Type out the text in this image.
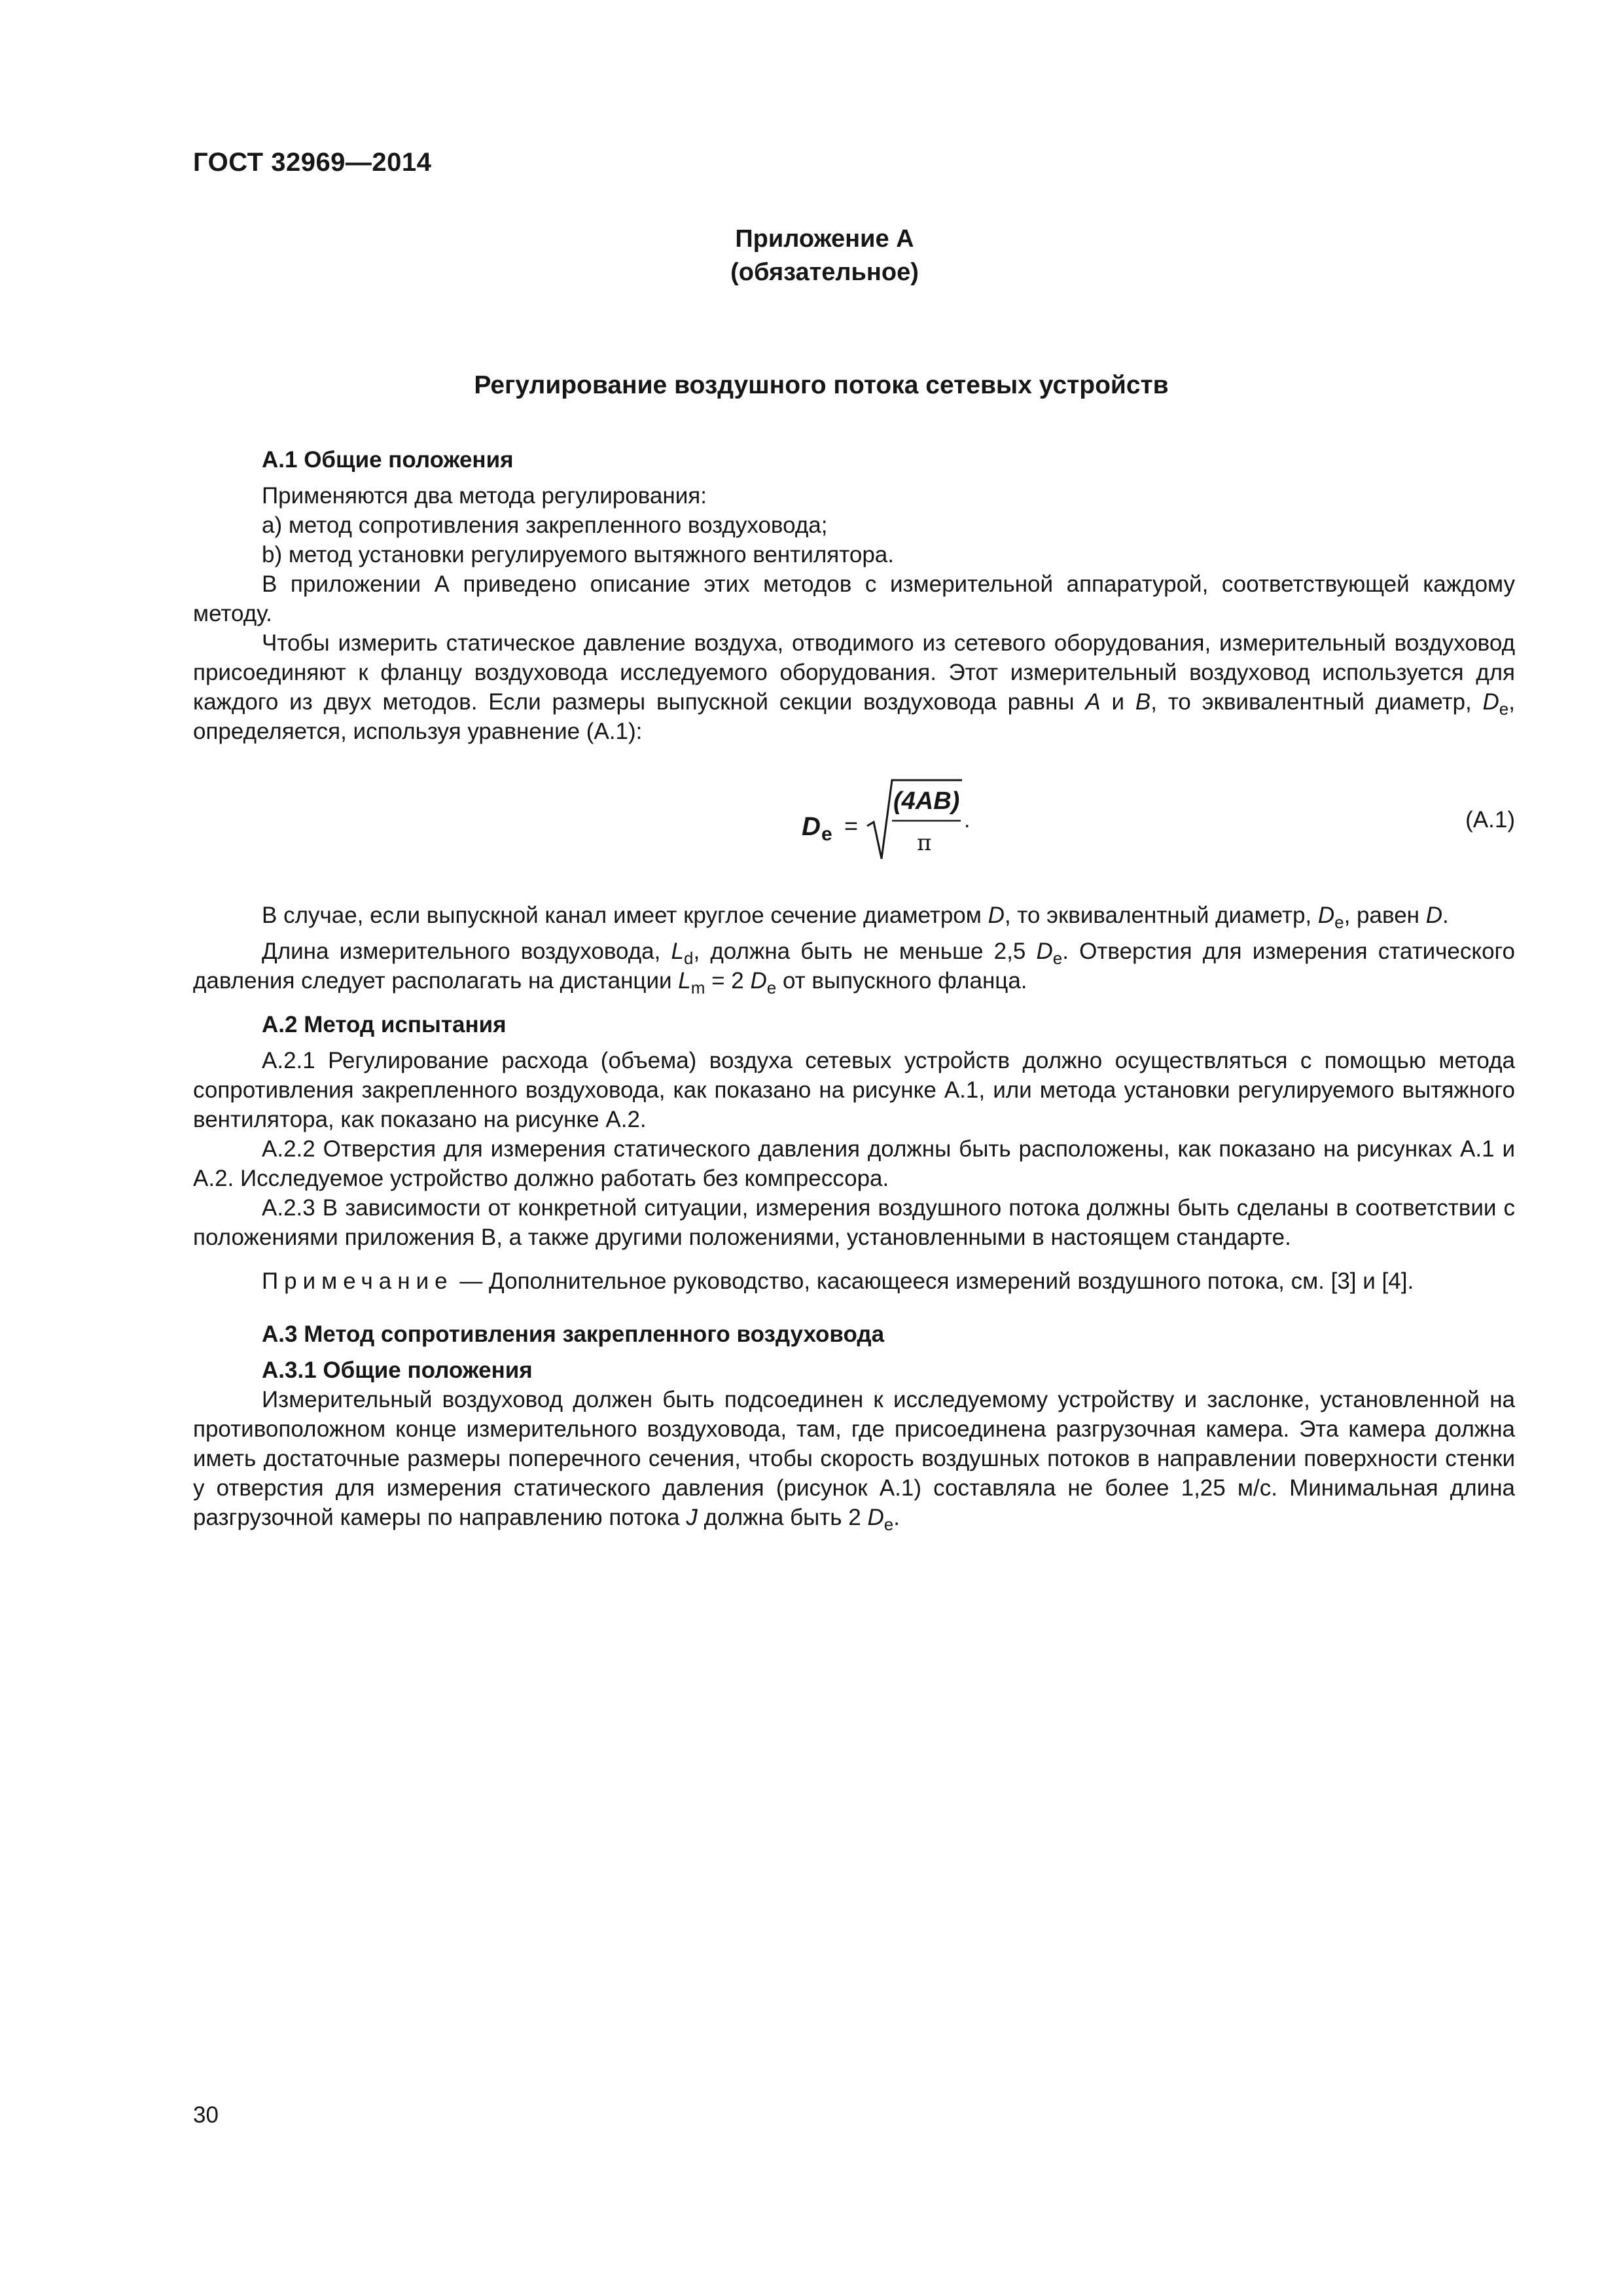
ГОСТ 32969—2014
Приложение А
(обязательное)
Регулирование воздушного потока сетевых устройств
А.1 Общие положения

Применяются два метода регулирования:

а) метод сопротивления закрепленного воздуховода;

b) метод установки регулируемого вытяжного вентилятора.

В приложении А приведено описание этих методов с измерительной аппаратурой, соответствующей каждому методу.

Чтобы измерить статическое давление воздуха, отводимого из сетевого оборудования, измерительный воздуховод присоединяют к фланцу воздуховода исследуемого оборудования. Этот измерительный воздуховод используется для каждого из двух методов. Если размеры выпускной секции воздуховода равны А и В, то эквивалентный диаметр, $D_e$, определяется, используя уравнение (А.1):

D e =
(4AB)
π
.	(А.1)

В случае, если выпускной канал имеет круглое сечение диаметром D, то эквивалентный диаметр, $D_e$, равен D.

Длина измерительного воздуховода, $L_d$, должна быть не меньше 2,5 $D_e$. Отверстия для измерения статического давления следует располагать на дистанции $L_m = 2$ $D_e$ от выпускного фланца.

А.2 Метод испытания

А.2.1 Регулирование расхода (объема) воздуха сетевых устройств должно осуществляться с помощью метода сопротивления закрепленного воздуховода, как показано на рисунке А.1, или метода установки регулируемого вытяжного вентилятора, как показано на рисунке А.2.

А.2.2 Отверстия для измерения статического давления должны быть расположены, как показано на рисунках А.1 и А.2. Исследуемое устройство должно работать без компрессора.

А.2.3 В зависимости от конкретной ситуации, измерения воздушного потока должны быть сделаны в соответствии с положениями приложения В, а также другими положениями, установленными в настоящем стандарте.

Примечание — Дополнительное руководство, касающееся измерений воздушного потока, см. [3] и [4].

А.3 Метод сопротивления закрепленного воздуховода
А.3.1 Общие положения

Измерительный воздуховод должен быть подсоединен к исследуемому устройству и заслонке, установленной на противоположном конце измерительного воздуховода, там, где присоединена разгрузочная камера. Эта камера должна иметь достаточные размеры поперечного сечения, чтобы скорость воздушных потоков в направлении поверхности стенки у отверстия для измерения статического давления (рисунок А.1) составляла не более 1,25 м/с. Минимальная длина разгрузочной камеры по направлению потока J должна быть 2 $D_e$.

30
